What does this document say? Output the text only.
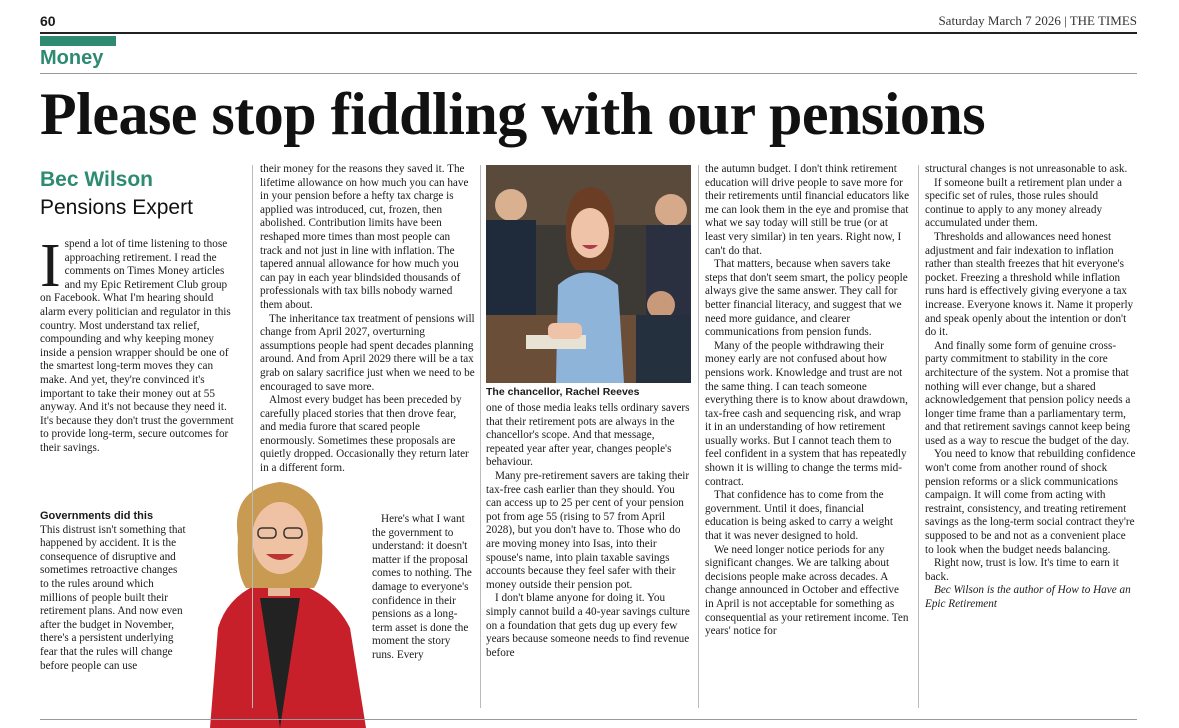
60	Saturday March 7 2026 | THE TIMES
Money
Please stop fiddling with our pensions
Bec Wilson
Pensions Expert
I spend a lot of time listening to those approaching retirement. I read the comments on Times Money articles and my Epic Retirement Club group on Facebook. What I'm hearing should alarm every politician and regulator in this country. Most understand tax relief, compounding and why keeping money inside a pension wrapper should be one of the smartest long-term moves they can make. And yet, they're convinced it's important to take their money out at 55 anyway. And it's not because they need it. It's because they don't trust the government to provide long-term, secure outcomes for their savings.

Governments did this

This distrust isn't something that happened by accident. It is the consequence of disruptive and sometimes retroactive changes to the rules around which millions of people built their retirement plans. And now even after the budget in November, there's a persistent underlying fear that the rules will change before people can use

their money for the reasons they saved it. The lifetime allowance on how much you can have in your pension before a hefty tax charge is applied was introduced, cut, frozen, then abolished. Contribution limits have been reshaped more times than most people can track and not just in line with inflation. The tapered annual allowance for how much you can pay in each year blindsided thousands of professionals with tax bills nobody warned them about.

The inheritance tax treatment of pensions will change from April 2027, overturning assumptions people had spent decades planning around. And from April 2029 there will be a tax grab on salary sacrifice just when we need to be encouraged to save more.

Almost every budget has been preceded by carefully placed stories that then drove fear, and media furore that scared people enormously. Sometimes these proposals are quietly dropped. Occasionally they return later in a different form.

Here's what I want the government to understand: it doesn't matter if the proposal comes to nothing. The damage to everyone's confidence in their pensions as a long-term asset is done the moment the story runs. Every

The chancellor, Rachel Reeves

one of those media leaks tells ordinary savers that their retirement pots are always in the chancellor's scope. And that message, repeated year after year, changes people's behaviour.

Many pre-retirement savers are taking their tax-free cash earlier than they should. You can access up to 25 per cent of your pension pot from age 55 (rising to 57 from April 2028), but you don't have to. Those who do are moving money into Isas, into their spouse's name, into plain taxable savings accounts because they feel safer with their money outside their pension pot.

I don't blame anyone for doing it. You simply cannot build a 40-year savings culture on a foundation that gets dug up every few years because someone needs to find revenue before

the autumn budget. I don't think retirement education will drive people to save more for their retirements until financial educators like me can look them in the eye and promise that what we say today will still be true (or at least very similar) in ten years. Right now, I can't do that.

That matters, because when savers take steps that don't seem smart, the policy people always give the same answer. They call for better financial literacy, and suggest that we need more guidance, and clearer communications from pension funds.

Many of the people withdrawing their money early are not confused about how pensions work. Knowledge and trust are not the same thing. I can teach someone everything there is to know about drawdown, tax-free cash and sequencing risk, and wrap it in an understanding of how retirement usually works. But I cannot teach them to feel confident in a system that has repeatedly shown it is willing to change the terms mid-contract.

That confidence has to come from the government. Until it does, financial education is being asked to carry a weight that it was never designed to hold.

We need longer notice periods for any significant changes. We are talking about decisions people make across decades. A change announced in October and effective in April is not acceptable for something as consequential as your retirement income. Ten years' notice for

structural changes is not unreasonable to ask.

If someone built a retirement plan under a specific set of rules, those rules should continue to apply to any money already accumulated under them.

Thresholds and allowances need honest adjustment and fair indexation to inflation rather than stealth freezes that hit everyone's pocket. Freezing a threshold while inflation runs hard is effectively giving everyone a tax increase. Everyone knows it. Name it properly and speak openly about the intention or don't do it.

And finally some form of genuine cross-party commitment to stability in the core architecture of the system. Not a promise that nothing will ever change, but a shared acknowledgement that pension policy needs a longer time frame than a parliamentary term, and that retirement savings cannot keep being used as a way to rescue the budget of the day.

You need to know that rebuilding confidence won't come from another round of shock pension reforms or a slick communications campaign. It will come from acting with restraint, consistency, and treating retirement savings as the long-term social contract they're supposed to be and not as a convenient place to look when the budget needs balancing.

Right now, trust is low. It's time to earn it back.

Bec Wilson is the author of How to Have an Epic Retirement
